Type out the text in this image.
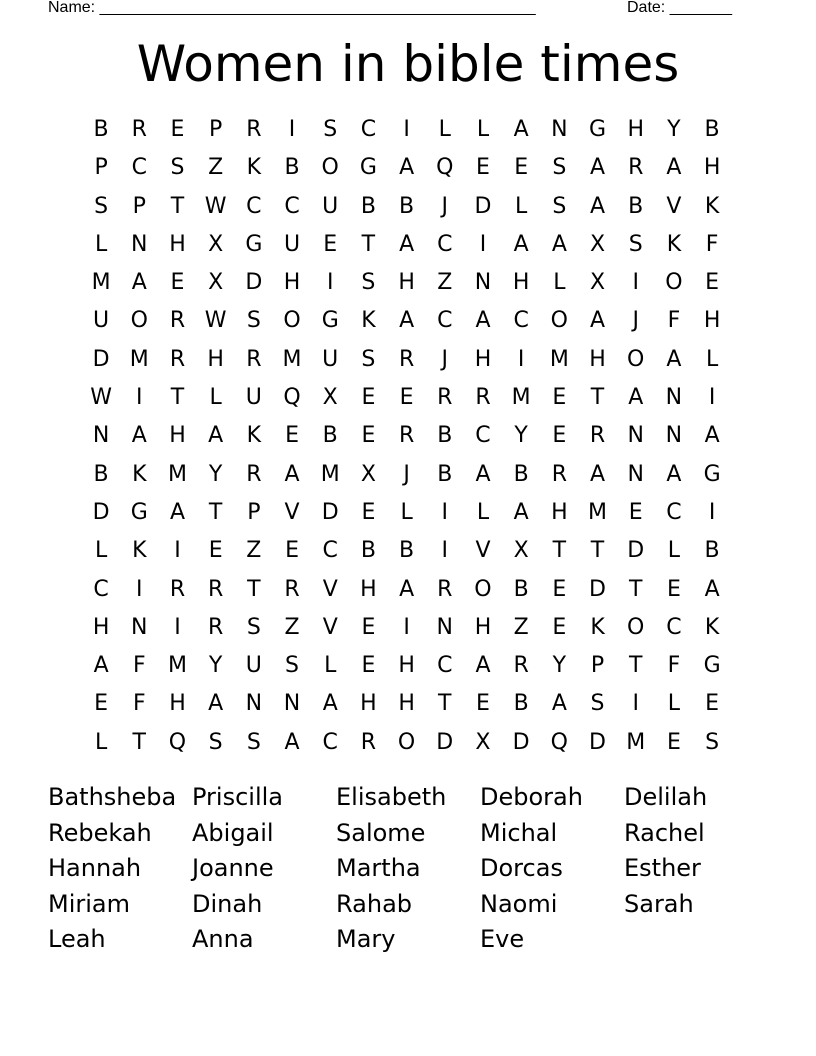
Name: _________________________________________________	Date: _______
Women in bible times
B	R	E	P	R	I	S	C	I	L	L	A	N G H	Y	B
P	C	S	Z	K	B O G	A Q	E	E	S	A	R	A	H
S	P	T W C	C	U	B	B	J	D	L	S	A	B	V	K
L	N H	X	G U	E	T	A	C	I	A	A	X	S	K	F
M A	E	X	D H	I	S	H	Z	N H	L	X	I	O	E
U O R W S	O G	K	A	C	A	C O	A	J	F	H
D M R	H	R M U	S	R	J	H	I	M H O	A	L
W	I	T	L	U Q X	E	E	R	R M E	T	A	N	I
N	A	H	A	K	E	B	E	R	B	C	Y	E	R	N N	A
B	K M Y	R	A M X	J	B	A	B	R	A	N	A	G
D G	A	T	P	V	D	E	L	I	L	A	H M E	C	I
L	K	I	E	Z	E	C	B	B	I	V	X	T	T	D	L	B
C	I	R	R	T	R	V	H	A	R O B	E	D	T	E	A
H N	I	R	S	Z	V	E	I	N H	Z	E	K	O C	K
A	F	M Y	U	S	L	E	H	C	A	R	Y	P	T	F	G
E	F	H	A	N N	A	H H	T	E	B	A	S	I	L	E
L	T	Q	S	S	A	C	R O D	X	D Q D M E	S
Bathsheba Priscilla	Elisabeth	Deborah	Delilah
Rebekah	Abigail	Salome	Michal	Rachel
Hannah	Joanne	Martha	Dorcas	Esther
Miriam	Dinah	Rahab	Naomi	Sarah
Leah	Anna	Mary	Eve
